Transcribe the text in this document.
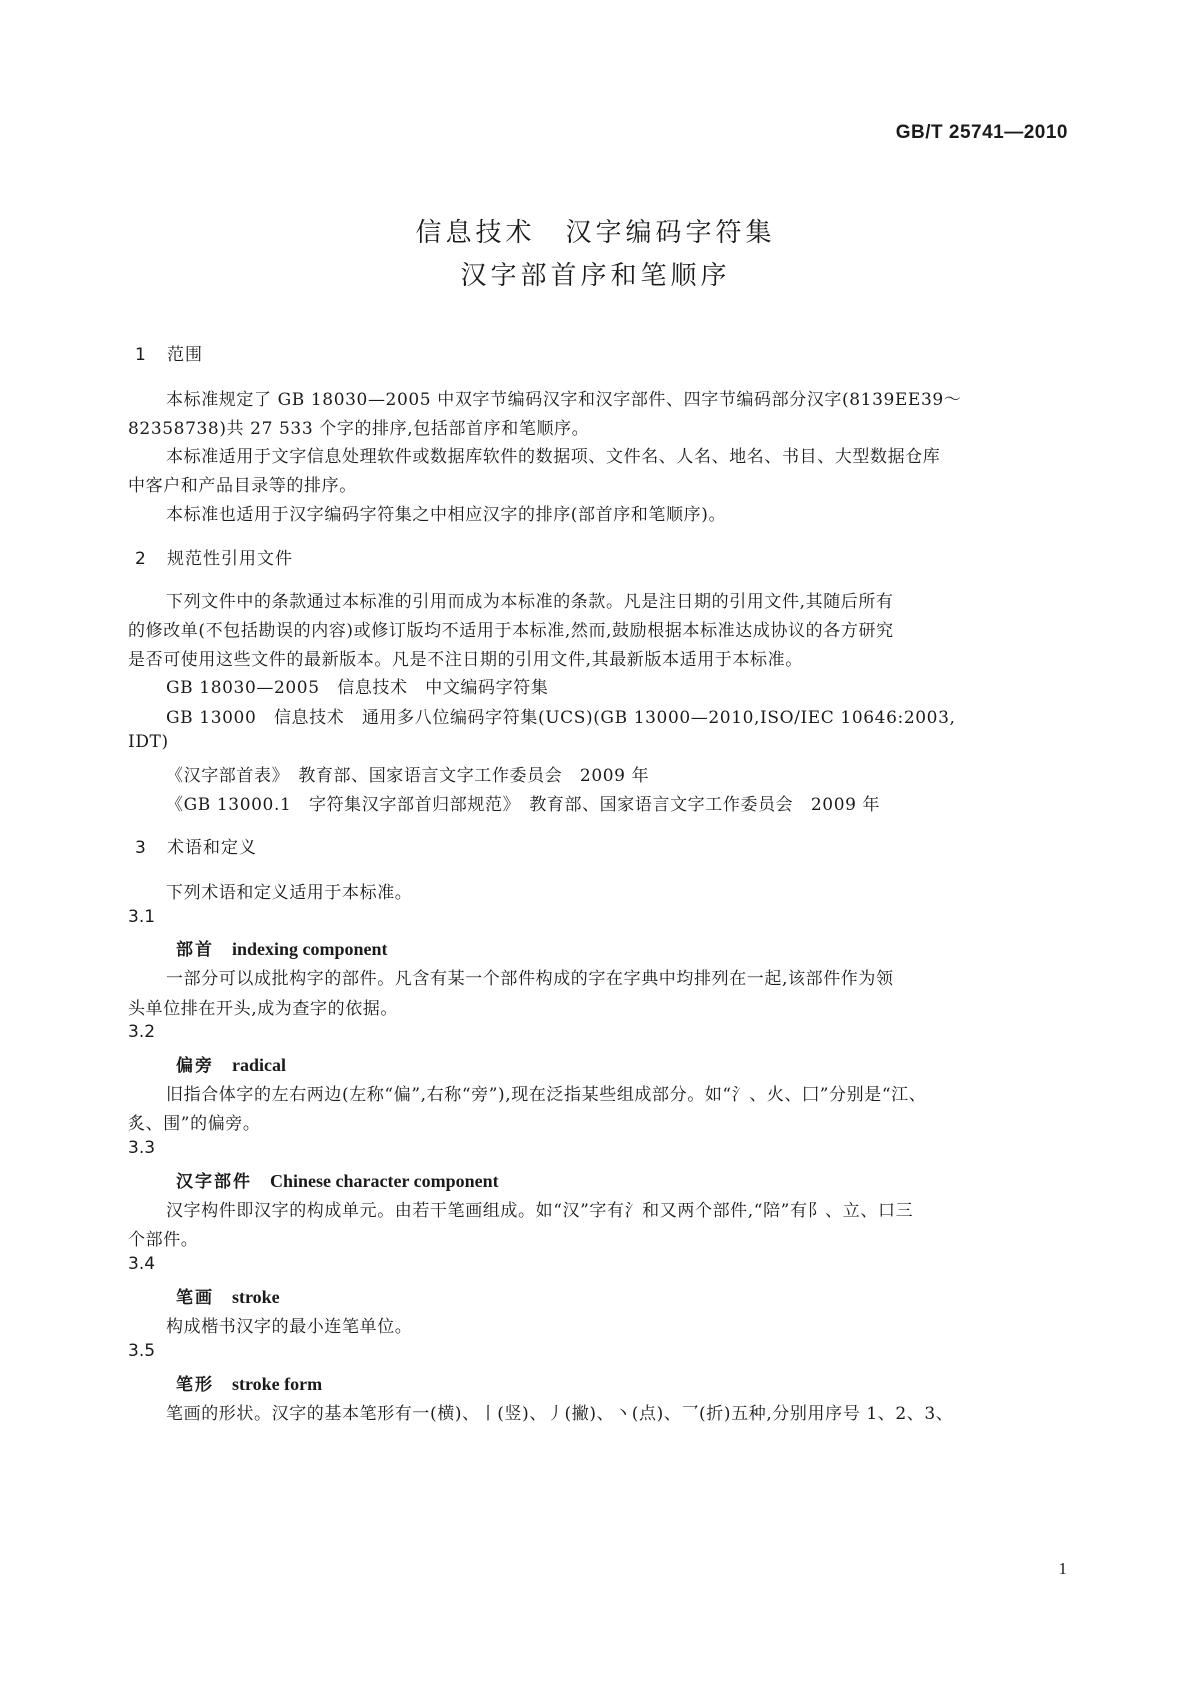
GB/T 25741—2010
信息技术　汉字编码字符集
汉字部首序和笔顺序
1 范围
本标准规定了 GB 18030—2005 中双字节编码汉字和汉字部件、四字节编码部分汉字(8139EE39～
82358738)共 27 533 个字的排序,包括部首序和笔顺序。
本标准适用于文字信息处理软件或数据库软件的数据项、文件名、人名、地名、书目、大型数据仓库
中客户和产品目录等的排序。
本标准也适用于汉字编码字符集之中相应汉字的排序(部首序和笔顺序)。
2 规范性引用文件
下列文件中的条款通过本标准的引用而成为本标准的条款。凡是注日期的引用文件,其随后所有
的修改单(不包括勘误的内容)或修订版均不适用于本标准,然而,鼓励根据本标准达成协议的各方研究
是否可使用这些文件的最新版本。凡是不注日期的引用文件,其最新版本适用于本标准。
GB 18030—2005　信息技术　中文编码字符集
GB 13000　信息技术　通用多八位编码字符集(UCS)(GB 13000—2010,ISO/IEC 10646:2003,
IDT)
《汉字部首表》　教育部、国家语言文字工作委员会　2009 年
《GB 13000.1　字符集汉字部首归部规范》　教育部、国家语言文字工作委员会　2009 年
3 术语和定义
下列术语和定义适用于本标准。
3.1
部首 indexing component
一部分可以成批构字的部件。凡含有某一个部件构成的字在字典中均排列在一起,该部件作为领
头单位排在开头,成为查字的依据。
3.2
偏旁 radical
旧指合体字的左右两边(左称“偏”,右称“旁”),现在泛指某些组成部分。如“氵、火、囗”分别是“江、
炙、围”的偏旁。
3.3
汉字部件 Chinese character component
汉字构件即汉字的构成单元。由若干笔画组成。如“汉”字有氵和又两个部件,“陪”有阝、立、口三
个部件。
3.4
笔画 stroke
构成楷书汉字的最小连笔单位。
3.5
笔形 stroke form
笔画的形状。汉字的基本笔形有一(横)、丨(竖)、丿(撇)、丶(点)、乛(折)五种,分别用序号 1、2、3、
1
